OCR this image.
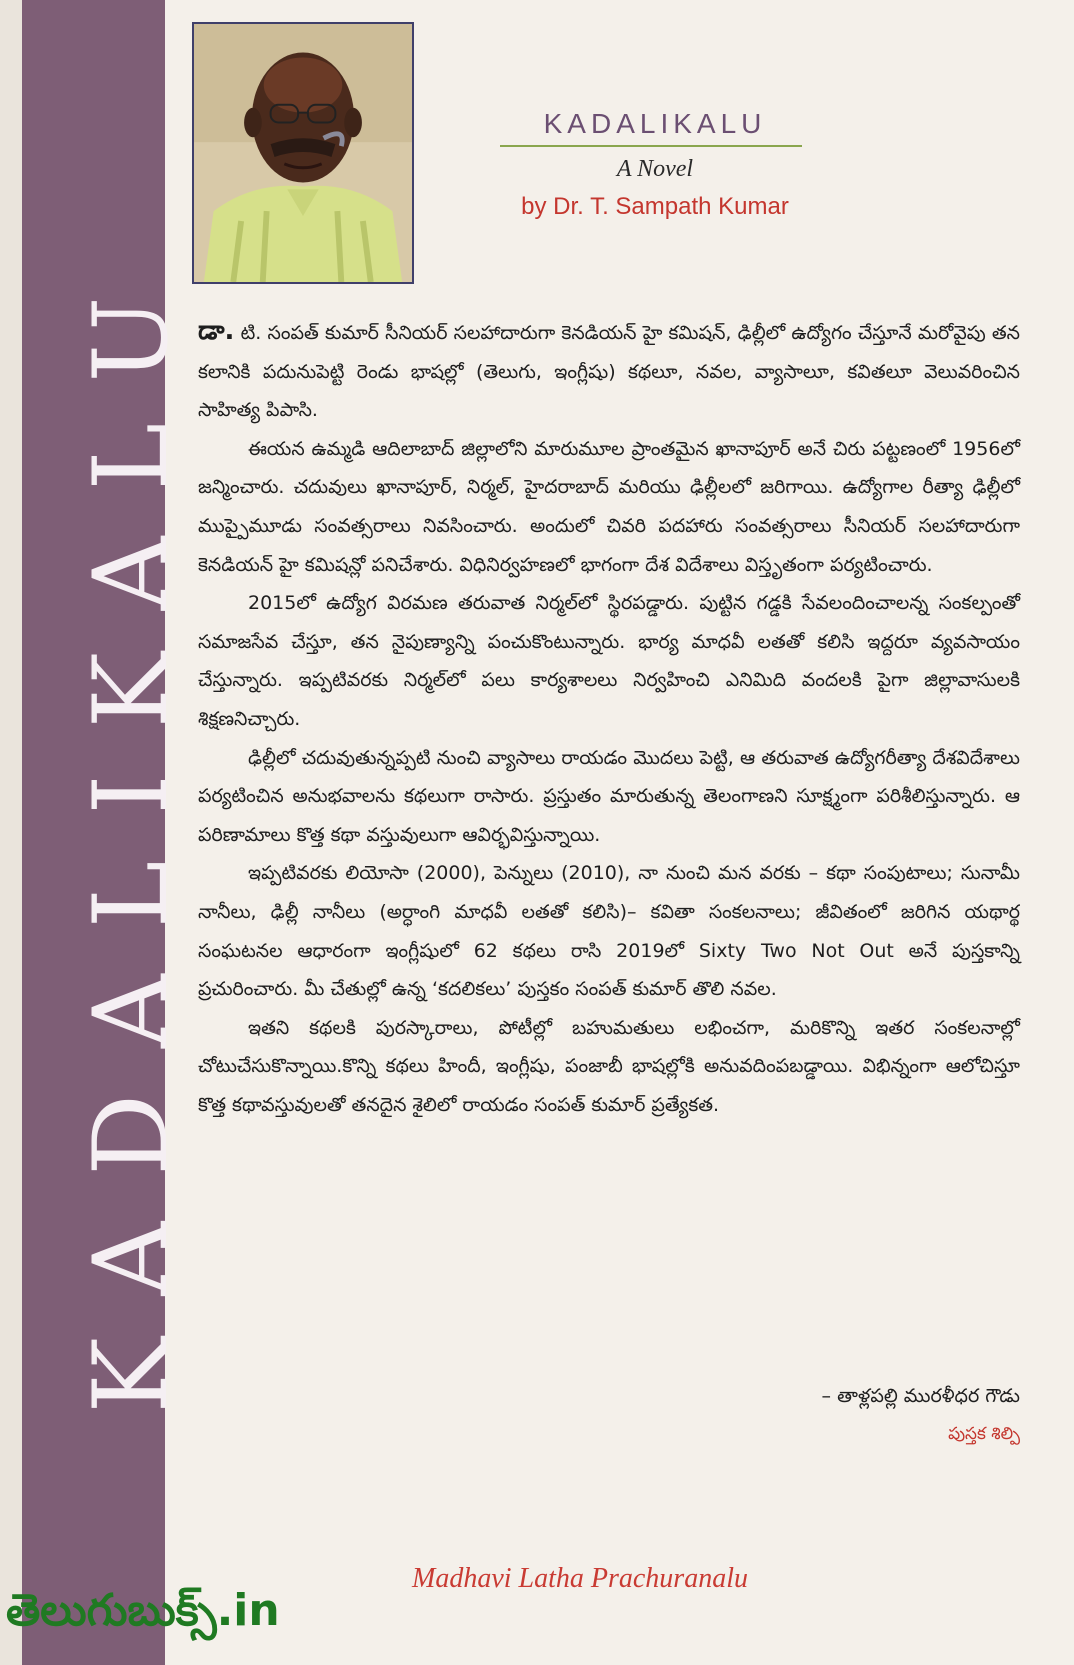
KADALIKALU
KADALIKALU
A Novel
by Dr. T. Sampath Kumar

డా. టి. సంపత్ కుమార్ సీనియర్ సలహాదారుగా కెనడియన్ హై కమిషన్, ఢిల్లీలో ఉద్యోగం చేస్తూనే మరోవైపు తన కలానికి పదునుపెట్టి రెండు భాషల్లో (తెలుగు, ఇంగ్లీషు) కథలూ, నవల, వ్యాసాలూ, కవితలూ వెలువరించిన సాహిత్య పిపాసి.

ఈయన ఉమ్మడి ఆదిలాబాద్ జిల్లాలోని మారుమూల ప్రాంతమైన ఖానాపూర్ అనే చిరు పట్టణంలో 1956లో జన్మించారు. చదువులు ఖానాపూర్, నిర్మల్, హైదరాబాద్ మరియు ఢిల్లీలలో జరిగాయి. ఉద్యోగాల రీత్యా ఢిల్లీలో ముప్పైమూడు సంవత్సరాలు నివసించారు. అందులో చివరి పదహారు సంవత్సరాలు సీనియర్ సలహాదారుగా కెనడియన్ హై కమిషన్లో పనిచేశారు. విధినిర్వహణలో భాగంగా దేశ విదేశాలు విస్తృతంగా పర్యటించారు.

2015లో ఉద్యోగ విరమణ తరువాత నిర్మల్‌లో స్థిరపడ్డారు. పుట్టిన గడ్డకి సేవలందించాలన్న సంకల్పంతో సమాజసేవ చేస్తూ, తన నైపుణ్యాన్ని పంచుకొంటున్నారు. భార్య మాధవీ లతతో కలిసి ఇద్దరూ వ్యవసాయం చేస్తున్నారు. ఇప్పటివరకు నిర్మల్‌లో పలు కార్యశాలలు నిర్వహించి ఎనిమిది వందలకి పైగా జిల్లావాసులకి శిక్షణనిచ్చారు.

ఢిల్లీలో చదువుతున్నప్పటి నుంచి వ్యాసాలు రాయడం మొదలు పెట్టి, ఆ తరువాత ఉద్యోగరీత్యా దేశవిదేశాలు పర్యటించిన అనుభవాలను కథలుగా రాసారు. ప్రస్తుతం మారుతున్న తెలంగాణని సూక్ష్మంగా పరిశీలిస్తున్నారు. ఆ పరిణామాలు కొత్త కథా వస్తువులుగా ఆవిర్భవిస్తున్నాయి.

ఇప్పటివరకు లియోసా (2000), పెన్నులు (2010), నా నుంచి మన వరకు – కథా సంపుటాలు; సునామీ నానీలు, ఢిల్లీ నానీలు (అర్ధాంగి మాధవీ లతతో కలిసి)– కవితా సంకలనాలు; జీవితంలో జరిగిన యథార్థ సంఘటనల ఆధారంగా ఇంగ్లీషులో 62 కథలు రాసి 2019లో Sixty Two Not Out అనే పుస్తకాన్ని ప్రచురించారు. మీ చేతుల్లో ఉన్న ‘కదలికలు’ పుస్తకం సంపత్ కుమార్ తొలి నవల.

ఇతని కథలకి పురస్కారాలు, పోటీల్లో బహుమతులు లభించగా, మరికొన్ని ఇతర సంకలనాల్లో చోటుచేసుకొన్నాయి.కొన్ని కథలు హిందీ, ఇంగ్లీషు, పంజాబీ భాషల్లోకి అనువదింపబడ్డాయి. విభిన్నంగా ఆలోచిస్తూ కొత్త కథావస్తువులతో తనదైన శైలిలో రాయడం సంపత్ కుమార్ ప్రత్యేకత.

– తాళ్లపల్లి మురళీధర గౌడు
పుస్తక శిల్పి
Madhavi Latha Prachuranalu
తెలుగుబుక్స్.in
